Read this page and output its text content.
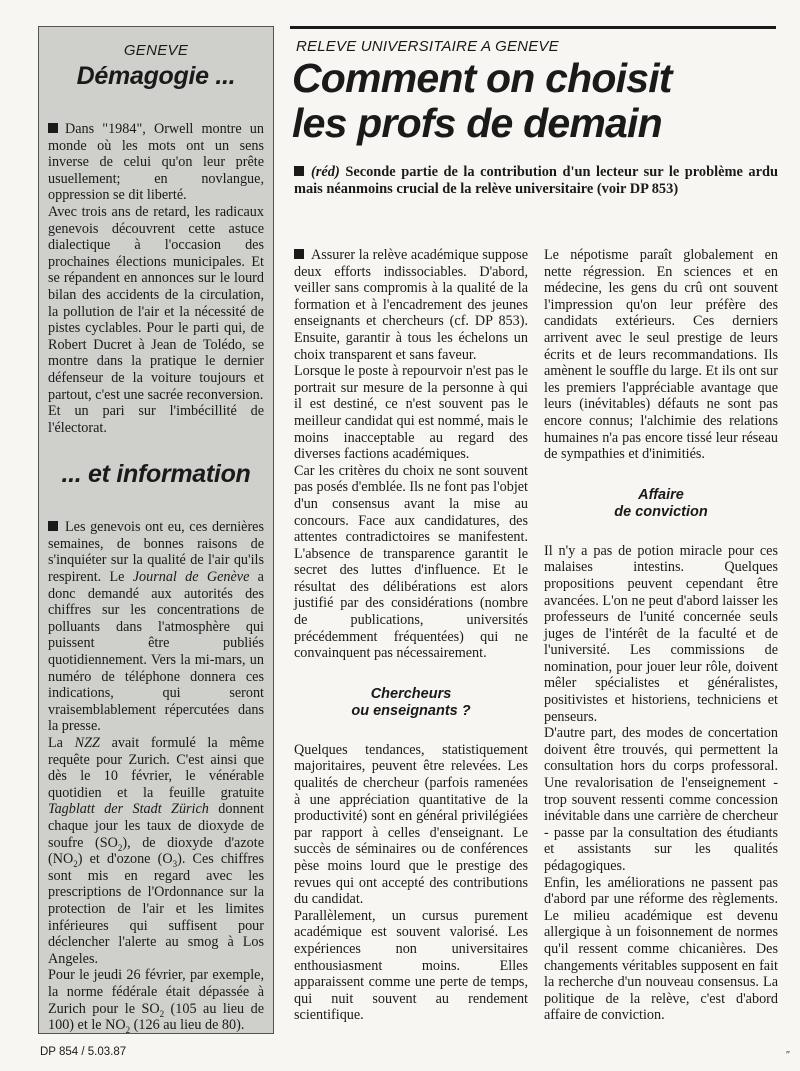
GENEVE
Démagogie ...

Dans "1984", Orwell montre un monde où les mots ont un sens inverse de celui qu'on leur prête usuellement; en novlangue, oppression se dit liberté.

Avec trois ans de retard, les radicaux genevois découvrent cette astuce dialectique à l'occasion des prochaines élections municipales. Et se répandent en annonces sur le lourd bilan des accidents de la circulation, la pollution de l'air et la nécessité de pistes cyclables. Pour le parti qui, de Robert Ducret à Jean de Tolédo, se montre dans la pratique le dernier défenseur de la voiture toujours et partout, c'est une sacrée reconversion.

Et un pari sur l'imbécillité de l'électorat.

... et information

Les genevois ont eu, ces dernières semaines, de bonnes raisons de s'inquiéter sur la qualité de l'air qu'ils respirent. Le Journal de Genève a donc demandé aux autorités des chiffres sur les concentrations de polluants dans l'atmosphère qui puissent être publiés quotidiennement. Vers la mi-mars, un numéro de téléphone donnera ces indications, qui seront vraisemblablement répercutées dans la presse.

La NZZ avait formulé la même requête pour Zurich. C'est ainsi que dès le 10 février, le vénérable quotidien et la feuille gratuite Tagblatt der Stadt Zürich donnent chaque jour les taux de dioxyde de soufre $(SO_2)$, de dioxyde d'azote $(NO_2)$ et d'ozone $(O_3)$. Ces chiffres sont mis en regard avec les prescriptions de l'Ordonnance sur la protection de l'air et les limites inférieures qui suffisent pour déclencher l'alerte au smog à Los Angeles.

Pour le jeudi 26 février, par exemple, la norme fédérale était dépassée à Zurich pour le $SO_2$ (105 au lieu de 100) et le $NO_2$ (126 au lieu de 80).

RELEVE UNIVERSITAIRE A GENEVE
Comment on choisit
les profs de demain
(réd) Seconde partie de la contribution d'un lecteur sur le problème ardu mais néanmoins crucial de la relève universitaire (voir DP 853)

Assurer la relève académique suppose deux efforts indissociables. D'abord, veiller sans compromis à la qualité de la formation et à l'encadrement des jeunes enseignants et chercheurs (cf. DP 853). Ensuite, garantir à tous les échelons un choix transparent et sans faveur.

Lorsque le poste à repourvoir n'est pas le portrait sur mesure de la personne à qui il est destiné, ce n'est souvent pas le meilleur candidat qui est nommé, mais le moins inacceptable au regard des diverses factions académiques.

Car les critères du choix ne sont souvent pas posés d'emblée. Ils ne font pas l'objet d'un consensus avant la mise au concours. Face aux candidatures, des attentes contradictoires se manifestent. L'absence de transparence garantit le secret des luttes d'influence. Et le résultat des délibérations est alors justifié par des considérations (nombre de publications, universités précédemment fréquentées) qui ne convainquent pas nécessairement.

Chercheurs
ou enseignants ?

Quelques tendances, statistiquement majoritaires, peuvent être relevées. Les qualités de chercheur (parfois ramenées à une appréciation quantitative de la productivité) sont en général privilégiées par rapport à celles d'enseignant. Le succès de séminaires ou de conférences pèse moins lourd que le prestige des revues qui ont accepté des contributions du candidat.

Parallèlement, un cursus purement académique est souvent valorisé. Les expériences non universitaires enthousiasment moins. Elles apparaissent comme une perte de temps, qui nuit souvent au rendement scientifique.

Le népotisme paraît globalement en nette régression. En sciences et en médecine, les gens du crû ont souvent l'impression qu'on leur préfère des candidats extérieurs. Ces derniers arrivent avec le seul prestige de leurs écrits et de leurs recommandations. Ils amènent le souffle du large. Et ils ont sur les premiers l'appréciable avantage que leurs (inévitables) défauts ne sont pas encore connus; l'alchimie des relations humaines n'a pas encore tissé leur réseau de sympathies et d'inimitiés.

Affaire
de conviction

Il n'y a pas de potion miracle pour ces malaises intestins. Quelques propositions peuvent cependant être avancées. L'on ne peut d'abord laisser les professeurs de l'unité concernée seuls juges de l'intérêt de la faculté et de l'université. Les commissions de nomination, pour jouer leur rôle, doivent mêler spécialistes et généralistes, positivistes et historiens, techniciens et penseurs.

D'autre part, des modes de concertation doivent être trouvés, qui permettent la consultation hors du corps professoral. Une revalorisation de l'enseignement - trop souvent ressenti comme concession inévitable dans une carrière de chercheur - passe par la consultation des étudiants et assistants sur les qualités pédagogiques.

Enfin, les améliorations ne passent pas d'abord par une réforme des règlements. Le milieu académique est devenu allergique à un foisonnement de normes qu'il ressent comme chicanières. Des changements véritables supposent en fait la recherche d'un nouveau consensus. La politique de la relève, c'est d'abord affaire de conviction.

DP 854 / 5.03.87	″
